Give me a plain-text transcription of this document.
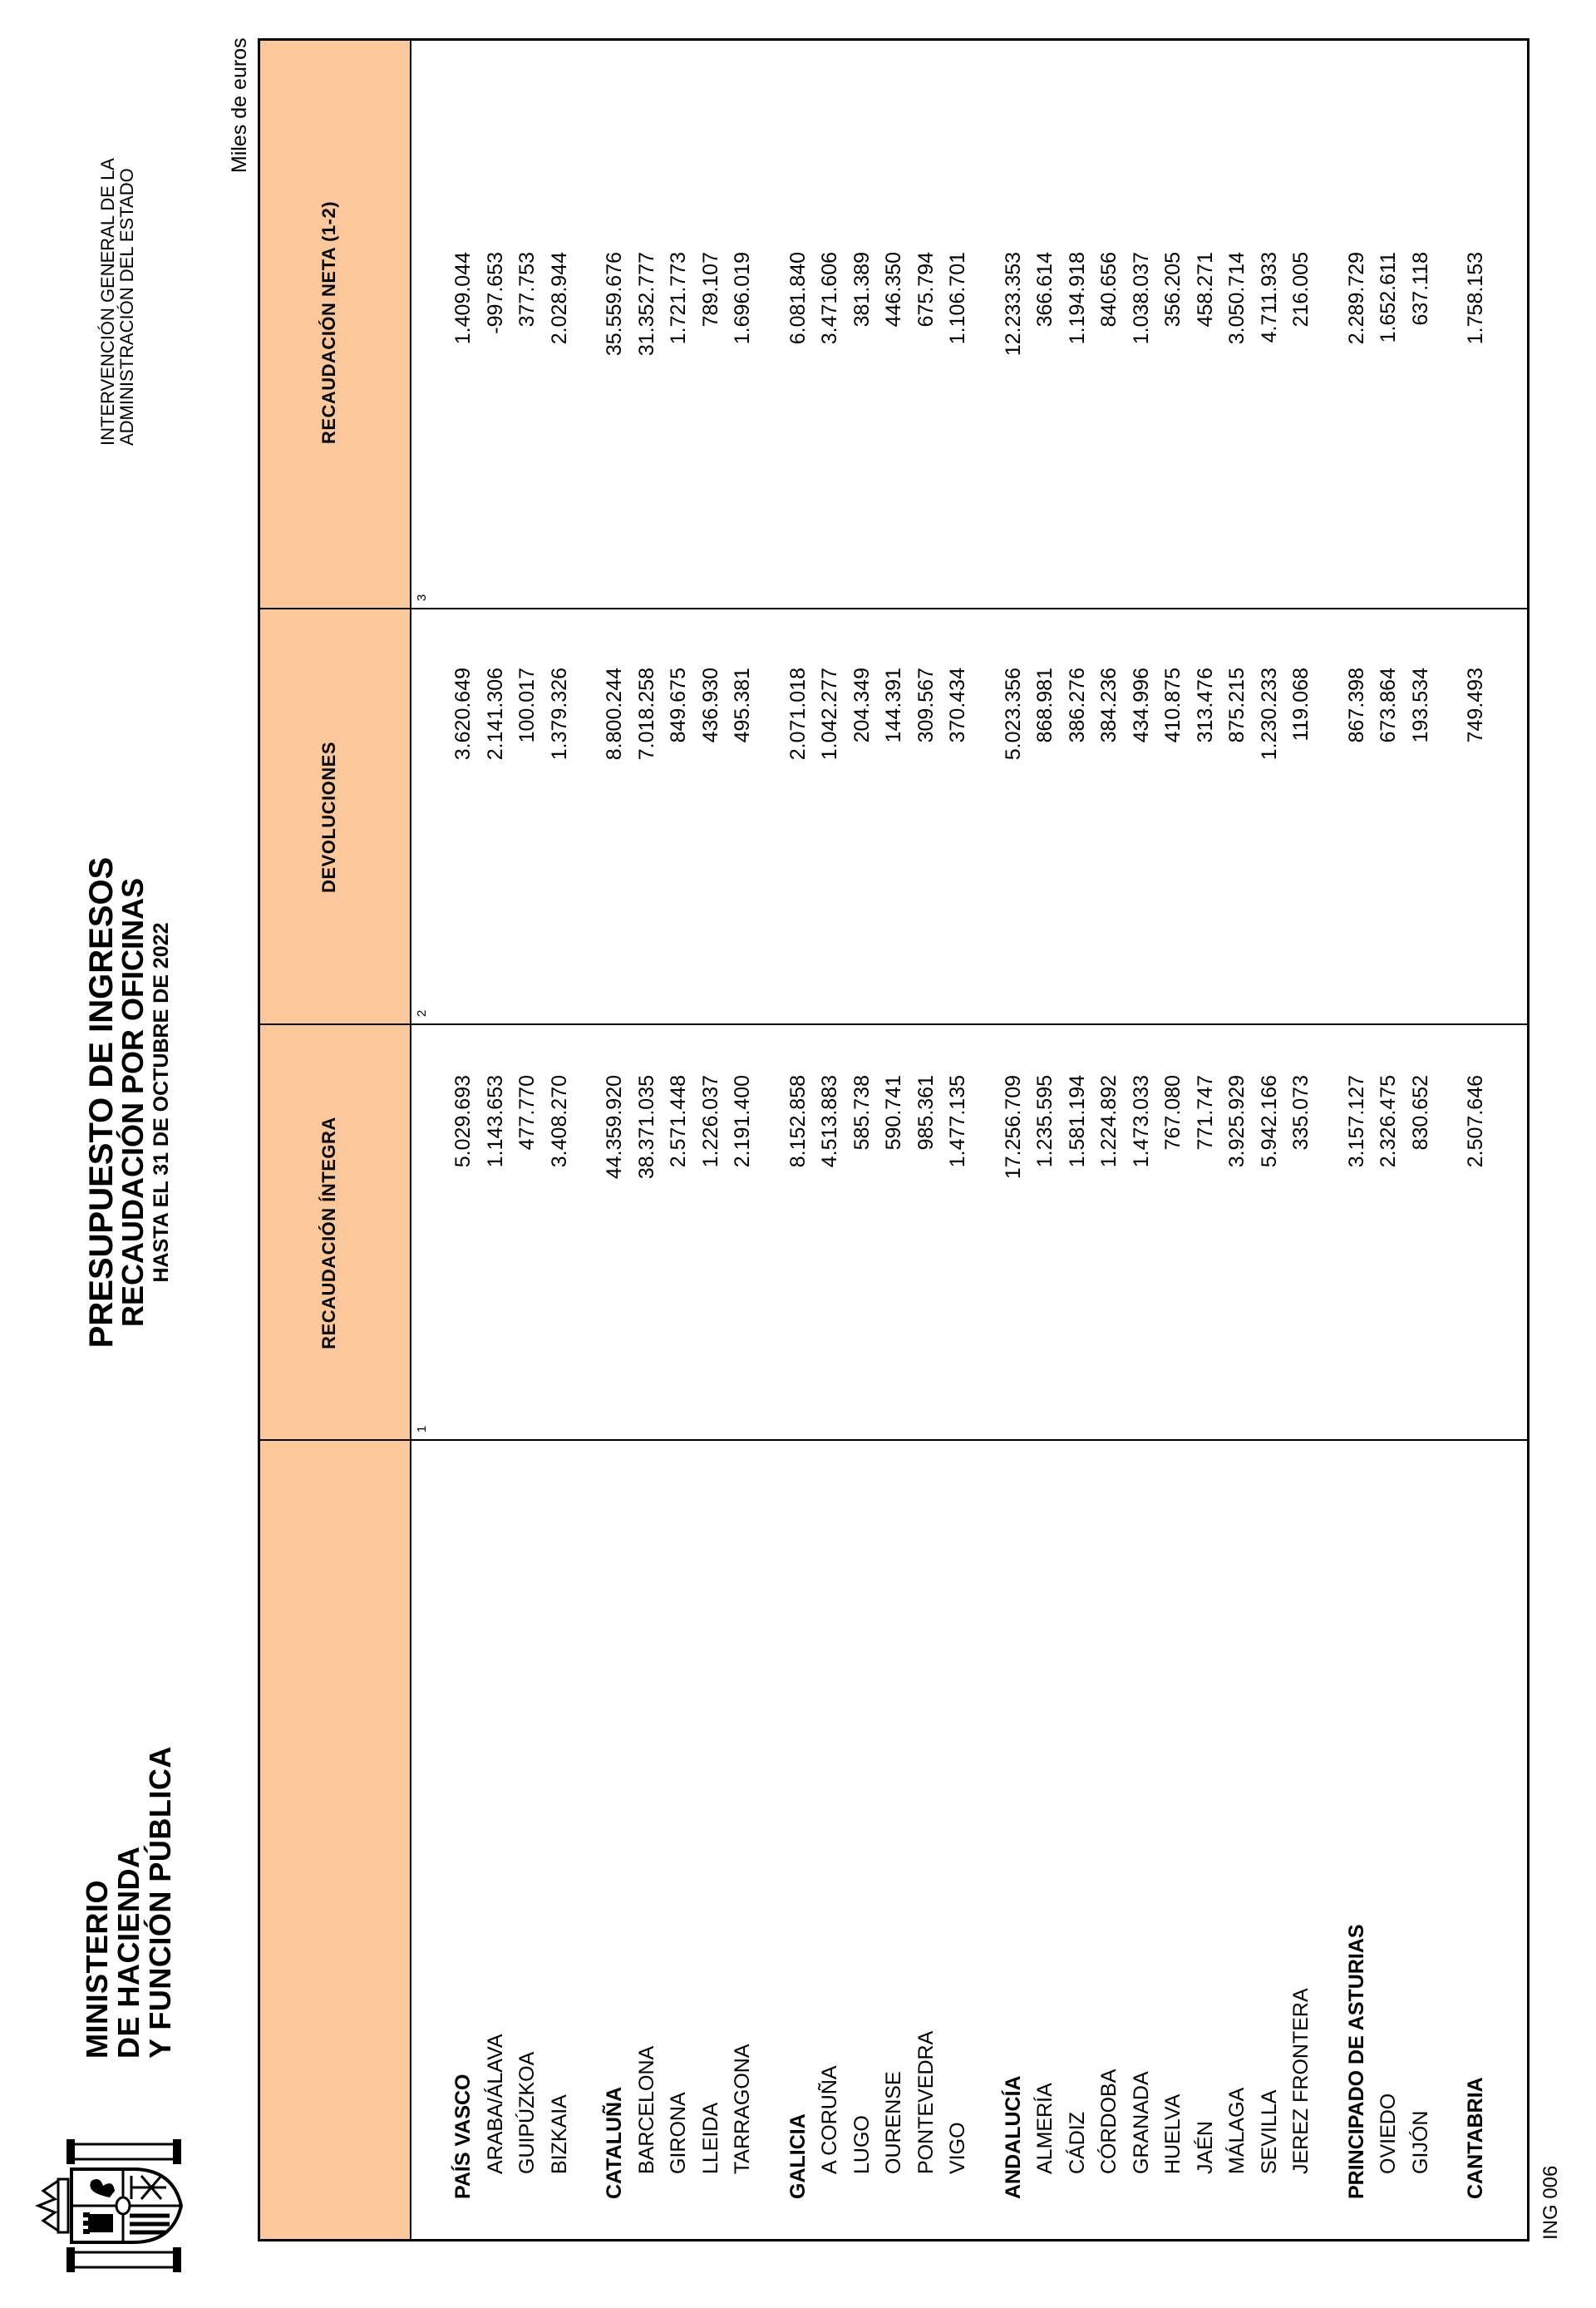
MINISTERIO
DE HACIENDA
Y FUNCIÓN PÚBLICA
PRESUPUESTO DE INGRESOS
RECAUDACIÓN POR OFICINAS HASTA EL 31 DE OCTUBRE DE 2022
INTERVENCIÓN GENERAL DE LA
ADMINISTRACIÓN DEL ESTADO
Miles de euros
RECAUDACIÓN ÍNTEGRA
DEVOLUCIONES
RECAUDACIÓN NETA (1-2)
1
2
3
PAÍS VASCO
5.029.693
3.620.649
1.409.044
ARABA/ÁLAVA
1.143.653
2.141.306
-997.653
GUIPÚZKOA
477.770
100.017
377.753
BIZKAIA
3.408.270
1.379.326
2.028.944
CATALUÑA
44.359.920
8.800.244
35.559.676
BARCELONA
38.371.035
7.018.258
31.352.777
GIRONA
2.571.448
849.675
1.721.773
LLEIDA
1.226.037
436.930
789.107
TARRAGONA
2.191.400
495.381
1.696.019
GALICIA
8.152.858
2.071.018
6.081.840
A CORUÑA
4.513.883
1.042.277
3.471.606
LUGO
585.738
204.349
381.389
OURENSE
590.741
144.391
446.350
PONTEVEDRA
985.361
309.567
675.794
VIGO
1.477.135
370.434
1.106.701
ANDALUCÍA
17.256.709
5.023.356
12.233.353
ALMERÍA
1.235.595
868.981
366.614
CÁDIZ
1.581.194
386.276
1.194.918
CÓRDOBA
1.224.892
384.236
840.656
GRANADA
1.473.033
434.996
1.038.037
HUELVA
767.080
410.875
356.205
JAÉN
771.747
313.476
458.271
MÁLAGA
3.925.929
875.215
3.050.714
SEVILLA
5.942.166
1.230.233
4.711.933
JEREZ FRONTERA
335.073
119.068
216.005
PRINCIPADO DE ASTURIAS
3.157.127
867.398
2.289.729
OVIEDO
2.326.475
673.864
1.652.611
GIJÓN
830.652
193.534
637.118
CANTABRIA
2.507.646
749.493
1.758.153
ING 006
